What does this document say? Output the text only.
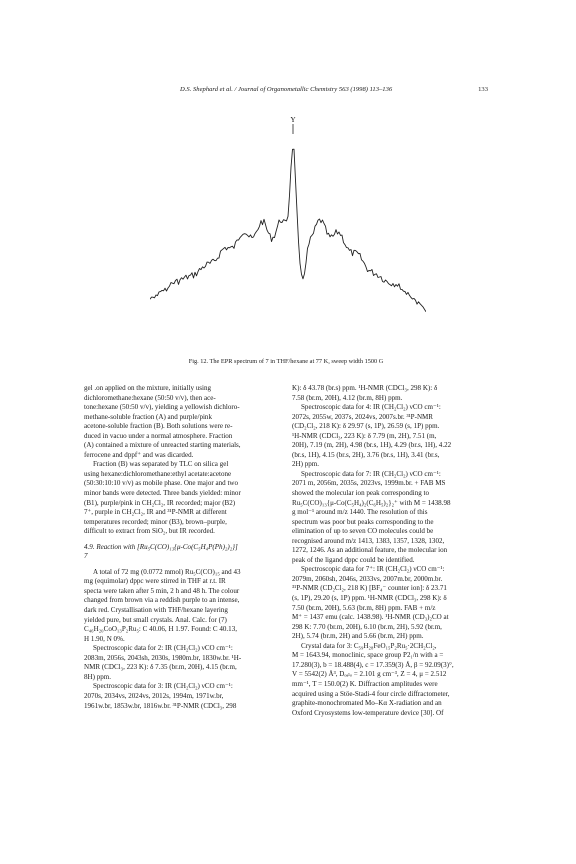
D.S. Shephard et al. / Journal of Organometallic Chemistry 563 (1998) 113–136	133
Y
Fig. 12. The EPR spectrum of 7 in THF/hexane at 77 K, sweep width 1500 G

gel .on applied on the mixture, initially using

dichloromethane:hexane (50:50 v/v), then ace-

tone:hexane (50:50 v/v), yielding a yellowish dichloro-

methane-soluble fraction (A) and purple/pink

acetone-soluble fraction (B). Both solutions were re-

duced in vacuo under a normal atmosphere. Fraction

(A) contained a mixture of unreacted starting materials,

ferrocene and dppf⁺ and was dicarded.

Fraction (B) was separated by TLC on silica gel

using hexane:dichloromethane:ethyl acetate:acetone

(50:30:10:10 v/v) as mobile phase. One major and two

minor bands were detected. Three bands yielded: minor

(B1), purple/pink in CH₂Cl₂, IR recorded; major (B2)

7⁺, purple in CH₂Cl₂, IR and ³¹P-NMR at different

temperatures recorded; minor (B3), brown–purple,

difficult to extract from SiO₂, but IR recorded.

4.9. Reaction with [Ru₅C(CO)₁₃{μ-Co(C₅H₄P(Ph)₂)₂}]
7

A total of 72 mg (0.0772 mmol) Ru₅C(CO)₁₅ and 43

mg (equimolar) dppc were stirred in THF at r.t. IR

specta were taken after 5 min, 2 h and 48 h. The colour

changed from brown via a reddish purple to an intense,

dark red. Crystallisation with THF/hexane layering

yielded pure, but small crystals. Anal. Calc. for (7)

C₄₆H₂₀CoO₁₃P₂Ru₅: C 40.06, H 1.97. Found: C 40.13,

H 1.90, N 0%.

Spectroscopic data for 2: IR (CH₂Cl₂) νCO cm⁻¹:

2083m, 2056s, 2043sh, 2030s, 1980m.br, 1830w.br. ¹H-

NMR (CDCl₃, 223 K): δ 7.35 (br.m, 20H), 4.15 (br.m,

8H) ppm.

Spectroscopic data for 3: IR (CH₂Cl₂) νCO cm⁻¹:

2070s, 2034vs, 2024vs, 2012s, 1994m, 1971w.br,

1961w.br, 1853w.br, 1816w.br. ³¹P-NMR (CDCl₃, 298

K): δ 43.78 (br.s) ppm. ¹H-NMR (CDCl₃, 298 K): δ

7.58 (br.m, 20H), 4.12 (br.m, 8H) ppm.

Spectroscopic data for 4: IR (CH₂Cl₂) νCO cm⁻¹:

2072s, 2055w, 2037s, 2024vs, 2007s.br. ³¹P-NMR

(CD₂Cl₂, 218 K): δ 29.97 (s, 1P), 26.59 (s, 1P) ppm.

¹H-NMR (CDCl₃, 223 K): δ 7.79 (m, 2H), 7.51 (m,

20H), 7.19 (m, 2H), 4.98 (br.s, 1H), 4.29 (br.s, 1H), 4.22

(br.s, 1H), 4.15 (br.s, 2H), 3.76 (br.s, 1H), 3.41 (br.s,

2H) ppm.

Spectroscopic data for 7: IR (CH₂Cl₂) νCO cm⁻¹:

2071 m, 2056m, 2035s, 2023vs, 1999m.br. + FAB MS

showed the molecular ion peak corresponding to

Ru₅C(CO)₁₃{μ-Co(C₅H₄)₂(C₆H₅)₂}₂⁺ with M = 1438.98

g mol⁻¹ around m/z 1440. The resolution of this

spectrum was poor but peaks corresponding to the

elimination of up to seven CO molecules could be

recognised around m/z 1413, 1383, 1357, 1328, 1302,

1272, 1246. As an additional feature, the molecular ion

peak of the ligand dppc could be identified.

Spectroscopic data for 7⁺: IR (CH₂Cl₂) νCO cm⁻¹:

2079m, 2060sh, 2046s, 2033vs, 2007m.br, 2000m.br.

³¹P-NMR (CD₂Cl₂, 218 K) [BF₄⁻ counter ion]: δ 23.71

(s, 1P), 29.20 (s, 1P) ppm. ¹H-NMR (CDCl₃, 298 K): δ

7.50 (br.m, 20H), 5.63 (br.m, 8H) ppm. FAB + m/z

M⁺ = 1437 emu (calc. 1438.98). ¹H-NMR (CD₃)₂CO at

298 K: 7.70 (br.m, 20H), 6.10 (br.m, 2H), 5.92 (br.m,

2H), 5.74 (br.m, 2H) and 5.66 (br.m, 2H) ppm.

Crystal data for 3: C₅₉H₂₈FeO₁₅P₂Ru₅·2CH₂Cl₂,

M = 1643.94, monoclinic, space group P2₁/n with a =

17.280(3), b = 18.488(4), c = 17.359(3) Å, β = 92.09(3)°,

V = 5542(2) Å³, Dₒₐₗₒ = 2.101 g cm⁻³, Z = 4, μ = 2.512

mm⁻¹, T = 150.0(2) K. Diffraction amplitudes were

acquired using a Stöe-Stadi-4 four circle diffractometer,

graphite-monochromated Mo–Kα X-radiation and an

Oxford Cryosystems low-temperature device [30]. Of
